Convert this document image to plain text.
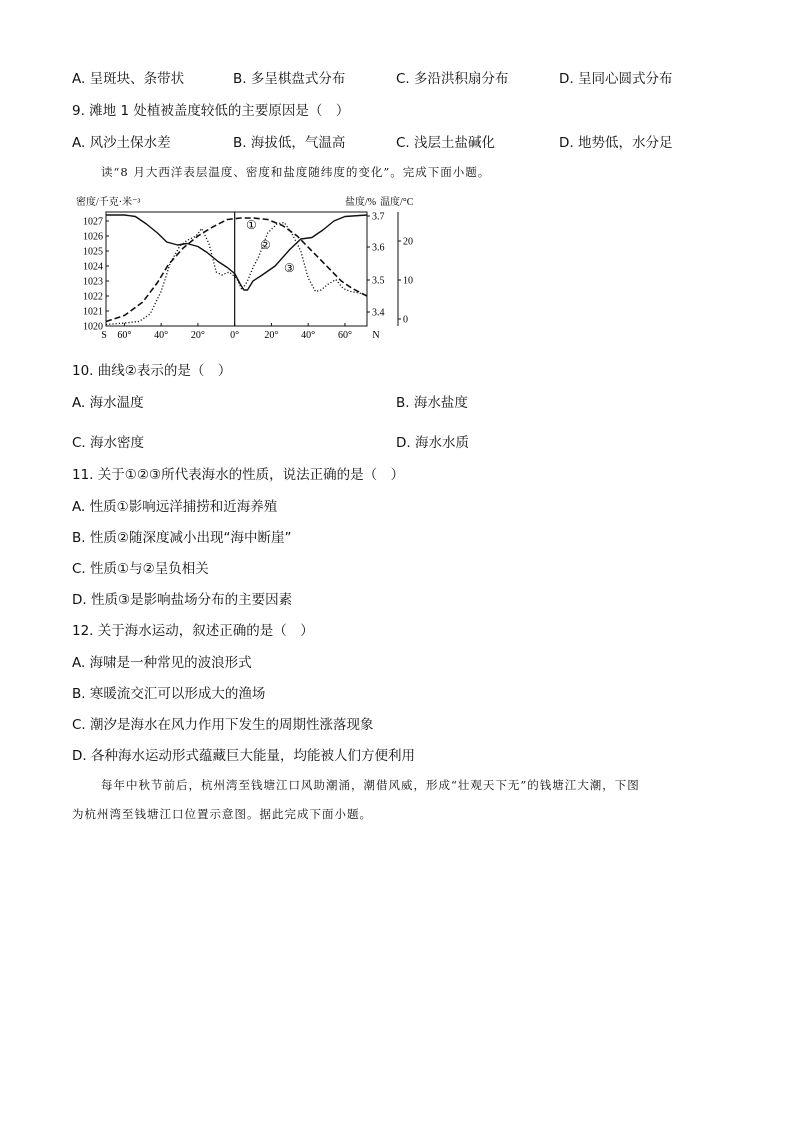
A. 呈斑块、条带状	B. 多呈棋盘式分布	C. 多沿洪积扇分布	D. 呈同心圆式分布
9. 滩地 1 处植被盖度较低的主要原因是（　）
A. 风沙土保水差	B. 海拔低，气温高	C. 浅层土盐碱化	D. 地势低，水分足
读“8 月大西洋表层温度、密度和盐度随纬度的变化”。完成下面小题。
密度/千克·米⁻³	盐度/% 温度/°C
1027
1026
1025
1024
1023
1022
1021
1020
3.7
3.6
3.5
3.4
20
10
0
S 60° 40° 20°	0°	20° 40° 60° N
①
②
③
10. 曲线②表示的是（　）
A. 海水温度	B. 海水盐度
C. 海水密度	D. 海水水质
11. 关于①②③所代表海水的性质，说法正确的是（　）
A. 性质①影响远洋捕捞和近海养殖
B. 性质②随深度减小出现“海中断崖”
C. 性质①与②呈负相关
D. 性质③是影响盐场分布的主要因素
12. 关于海水运动，叙述正确的是（　）
A. 海啸是一种常见的波浪形式
B. 寒暖流交汇可以形成大的渔场
C. 潮汐是海水在风力作用下发生的周期性涨落现象
D. 各种海水运动形式蕴藏巨大能量，均能被人们方便利用
每年中秋节前后，杭州湾至钱塘江口风助潮涌，潮借风威，形成“壮观天下无”的钱塘江大潮，下图
为杭州湾至钱塘江口位置示意图。据此完成下面小题。
